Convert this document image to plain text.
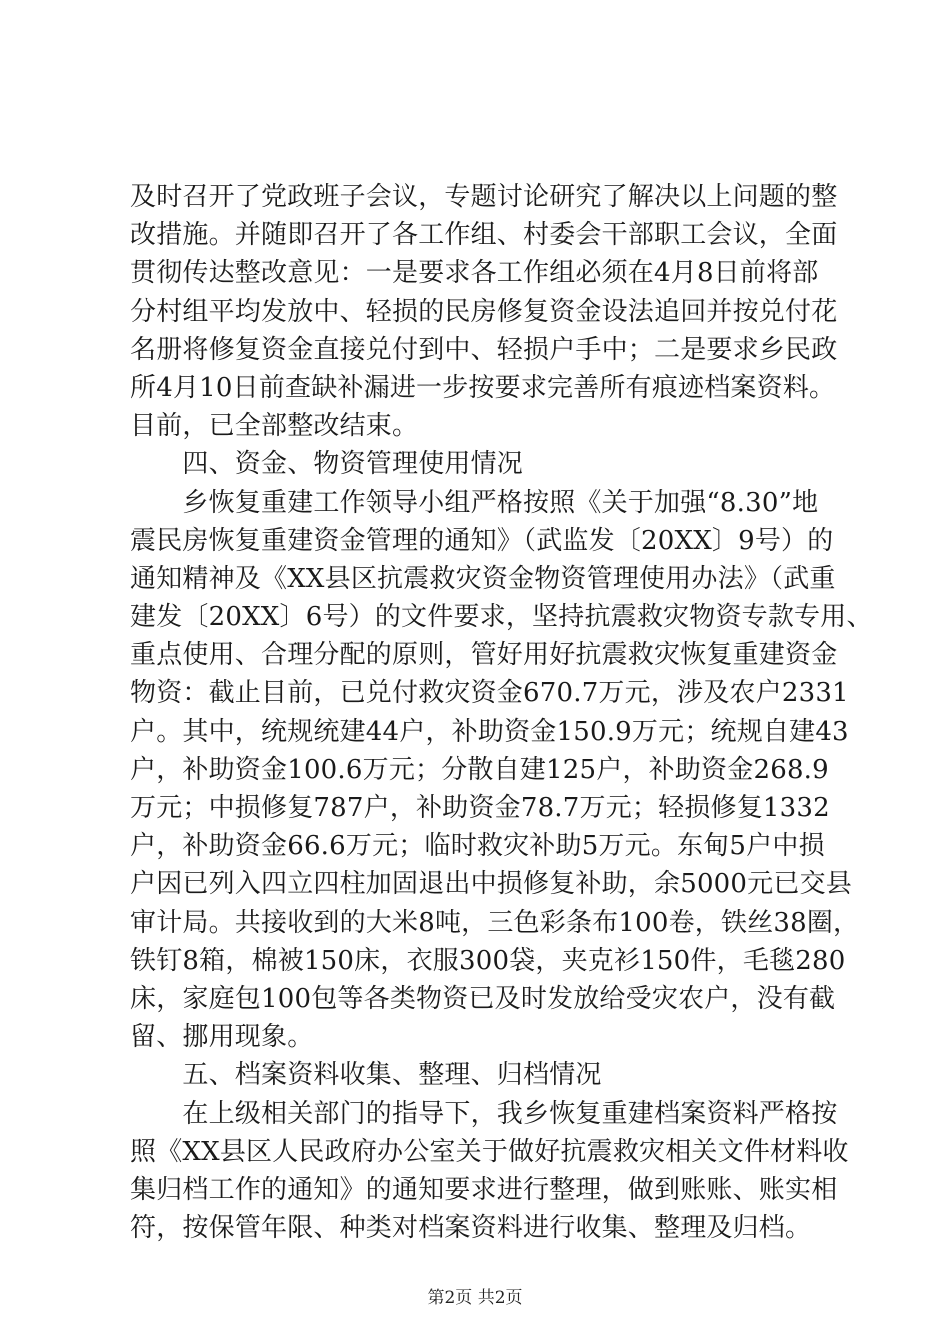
及时召开了党政班子会议，专题讨论研究了解决以上问题的整
改措施。并随即召开了各工作组、村委会干部职工会议，全面
贯彻传达整改意见：一是要求各工作组必须在4月8日前将部
分村组平均发放中、轻损的民房修复资金设法追回并按兑付花
名册将修复资金直接兑付到中、轻损户手中；二是要求乡民政
所4月10日前查缺补漏进一步按要求完善所有痕迹档案资料。
目前，已全部整改结束。
　　四、资金、物资管理使用情况
　　乡恢复重建工作领导小组严格按照《关于加强“8.30”地
震民房恢复重建资金管理的通知》（武监发〔20XX〕9号）的
通知精神及《XX县区抗震救灾资金物资管理使用办法》（武重
建发〔20XX〕6号）的文件要求，坚持抗震救灾物资专款专用、
重点使用、合理分配的原则，管好用好抗震救灾恢复重建资金
物资：截止目前，已兑付救灾资金670.7万元，涉及农户2331
户。其中，统规统建44户，补助资金150.9万元；统规自建43
户，补助资金100.6万元；分散自建125户，补助资金268.9
万元；中损修复787户，补助资金78.7万元；轻损修复1332
户，补助资金66.6万元；临时救灾补助5万元。东甸5户中损
户因已列入四立四柱加固退出中损修复补助，余5000元已交县
审计局。共接收到的大米8吨，三色彩条布100卷，铁丝38圈，
铁钉8箱，棉被150床，衣服300袋，夹克衫150件，毛毯280
床，家庭包100包等各类物资已及时发放给受灾农户，没有截
留、挪用现象。
　　五、档案资料收集、整理、归档情况
　　在上级相关部门的指导下，我乡恢复重建档案资料严格按
照《XX县区人民政府办公室关于做好抗震救灾相关文件材料收
集归档工作的通知》的通知要求进行整理，做到账账、账实相
符，按保管年限、种类对档案资料进行收集、整理及归档。
第2页 共2页
